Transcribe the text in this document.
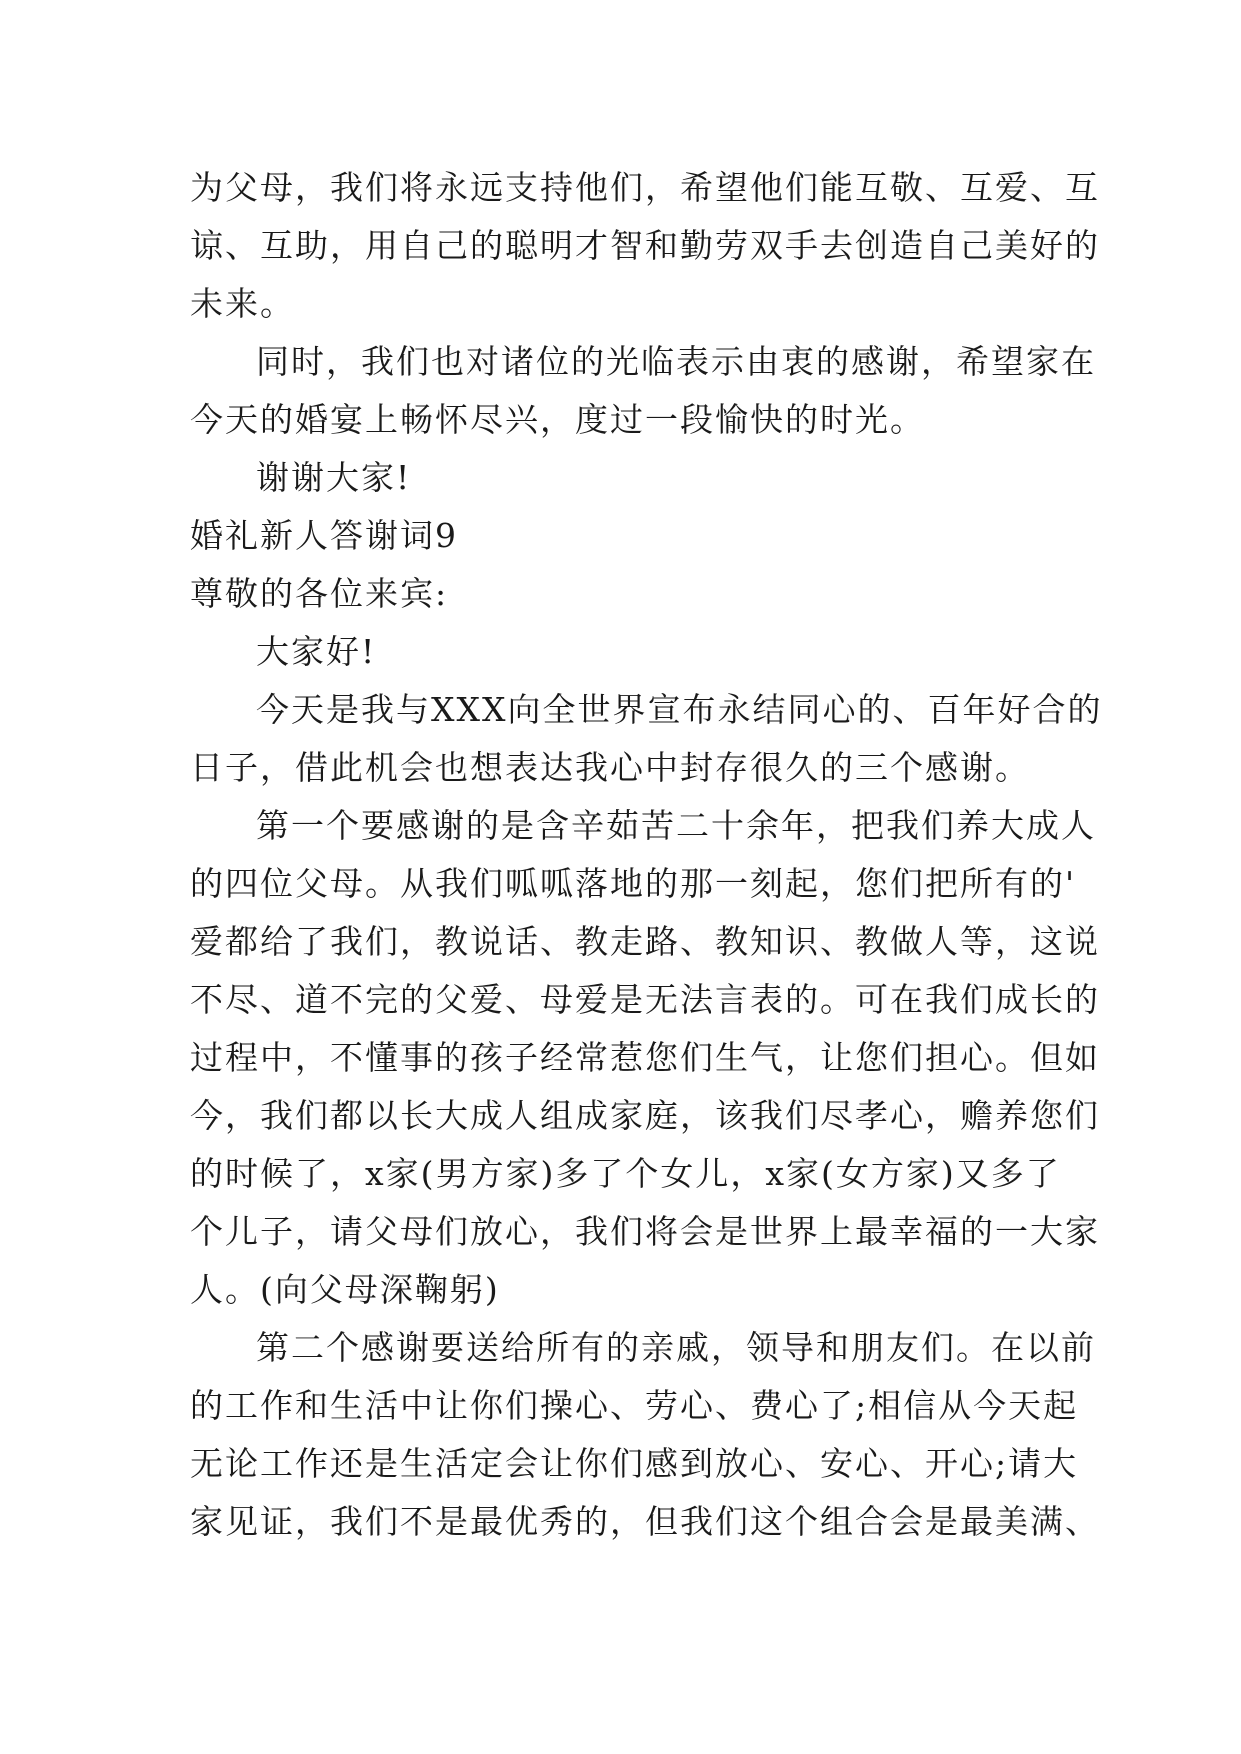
为父母，我们将永远支持他们，希望他们能互敬、互爱、互
谅、互助，用自己的聪明才智和勤劳双手去创造自己美好的
未来。
同时，我们也对诸位的光临表示由衷的感谢，希望家在
今天的婚宴上畅怀尽兴，度过一段愉快的时光。
谢谢大家!
婚礼新人答谢词9
尊敬的各位来宾:
大家好!
今天是我与XXX向全世界宣布永结同心的、百年好合的
日子，借此机会也想表达我心中封存很久的三个感谢。
第一个要感谢的是含辛茹苦二十余年，把我们养大成人
的四位父母。从我们呱呱落地的那一刻起，您们把所有的'
爱都给了我们，教说话、教走路、教知识、教做人等，这说
不尽、道不完的父爱、母爱是无法言表的。可在我们成长的
过程中，不懂事的孩子经常惹您们生气，让您们担心。但如
今，我们都以长大成人组成家庭，该我们尽孝心，赡养您们
的时候了，x家(男方家)多了个女儿，x家(女方家)又多了
个儿子，请父母们放心，我们将会是世界上最幸福的一大家
人。(向父母深鞠躬)
第二个感谢要送给所有的亲戚，领导和朋友们。在以前
的工作和生活中让你们操心、劳心、费心了;相信从今天起
无论工作还是生活定会让你们感到放心、安心、开心;请大
家见证，我们不是最优秀的，但我们这个组合会是最美满、
